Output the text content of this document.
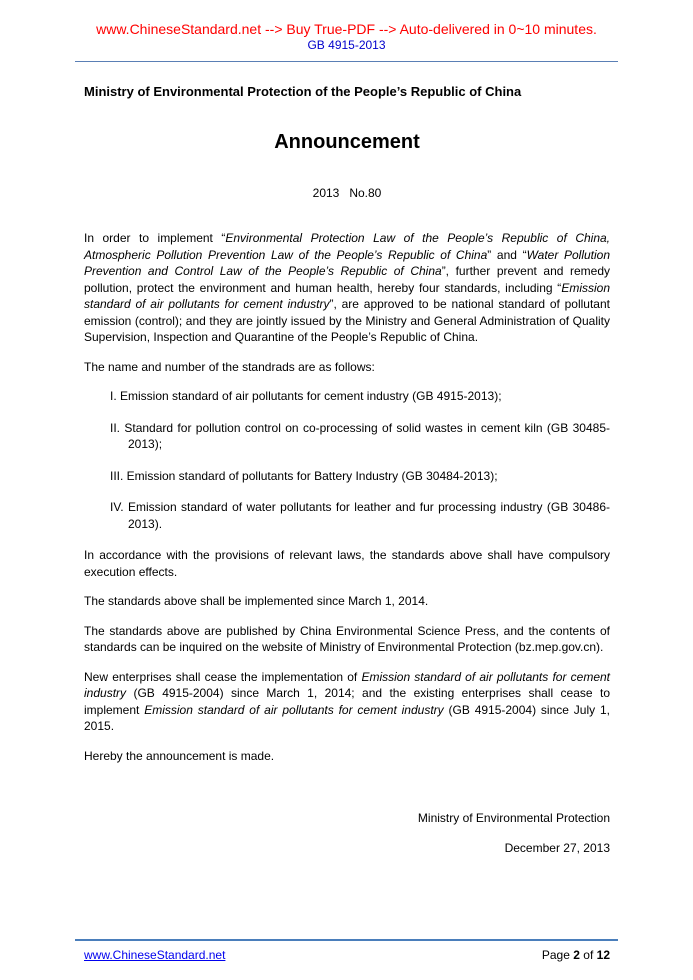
www.ChineseStandard.net --> Buy True-PDF --> Auto-delivered in 0~10 minutes.
GB 4915-2013
Ministry of Environmental Protection of the People’s Republic of China
Announcement
2013   No.80
In order to implement “Environmental Protection Law of the People’s Republic of China, Atmospheric Pollution Prevention Law of the People’s Republic of China” and “Water Pollution Prevention and Control Law of the People’s Republic of China”, further prevent and remedy pollution, protect the environment and human health, hereby four standards, including “Emission standard of air pollutants for cement industry”, are approved to be national standard of pollutant emission (control); and they are jointly issued by the Ministry and General Administration of Quality Supervision, Inspection and Quarantine of the People’s Republic of China.
The name and number of the standrads are as follows:
I. Emission standard of air pollutants for cement industry (GB 4915-2013);
II. Standard for pollution control on co-processing of solid wastes in cement kiln (GB 30485-2013);
III. Emission standard of pollutants for Battery Industry (GB 30484-2013);
IV. Emission standard of water pollutants for leather and fur processing industry (GB 30486-2013).
In accordance with the provisions of relevant laws, the standards above shall have compulsory execution effects.
The standards above shall be implemented since March 1, 2014.
The standards above are published by China Environmental Science Press, and the contents of standards can be inquired on the website of Ministry of Environmental Protection (bz.mep.gov.cn).
New enterprises shall cease the implementation of Emission standard of air pollutants for cement industry (GB 4915-2004) since March 1, 2014; and the existing enterprises shall cease to implement Emission standard of air pollutants for cement industry (GB 4915-2004) since July 1, 2015.
Hereby the announcement is made.
Ministry of Environmental Protection
December 27, 2013
www.ChineseStandard.net	Page 2 of 12
